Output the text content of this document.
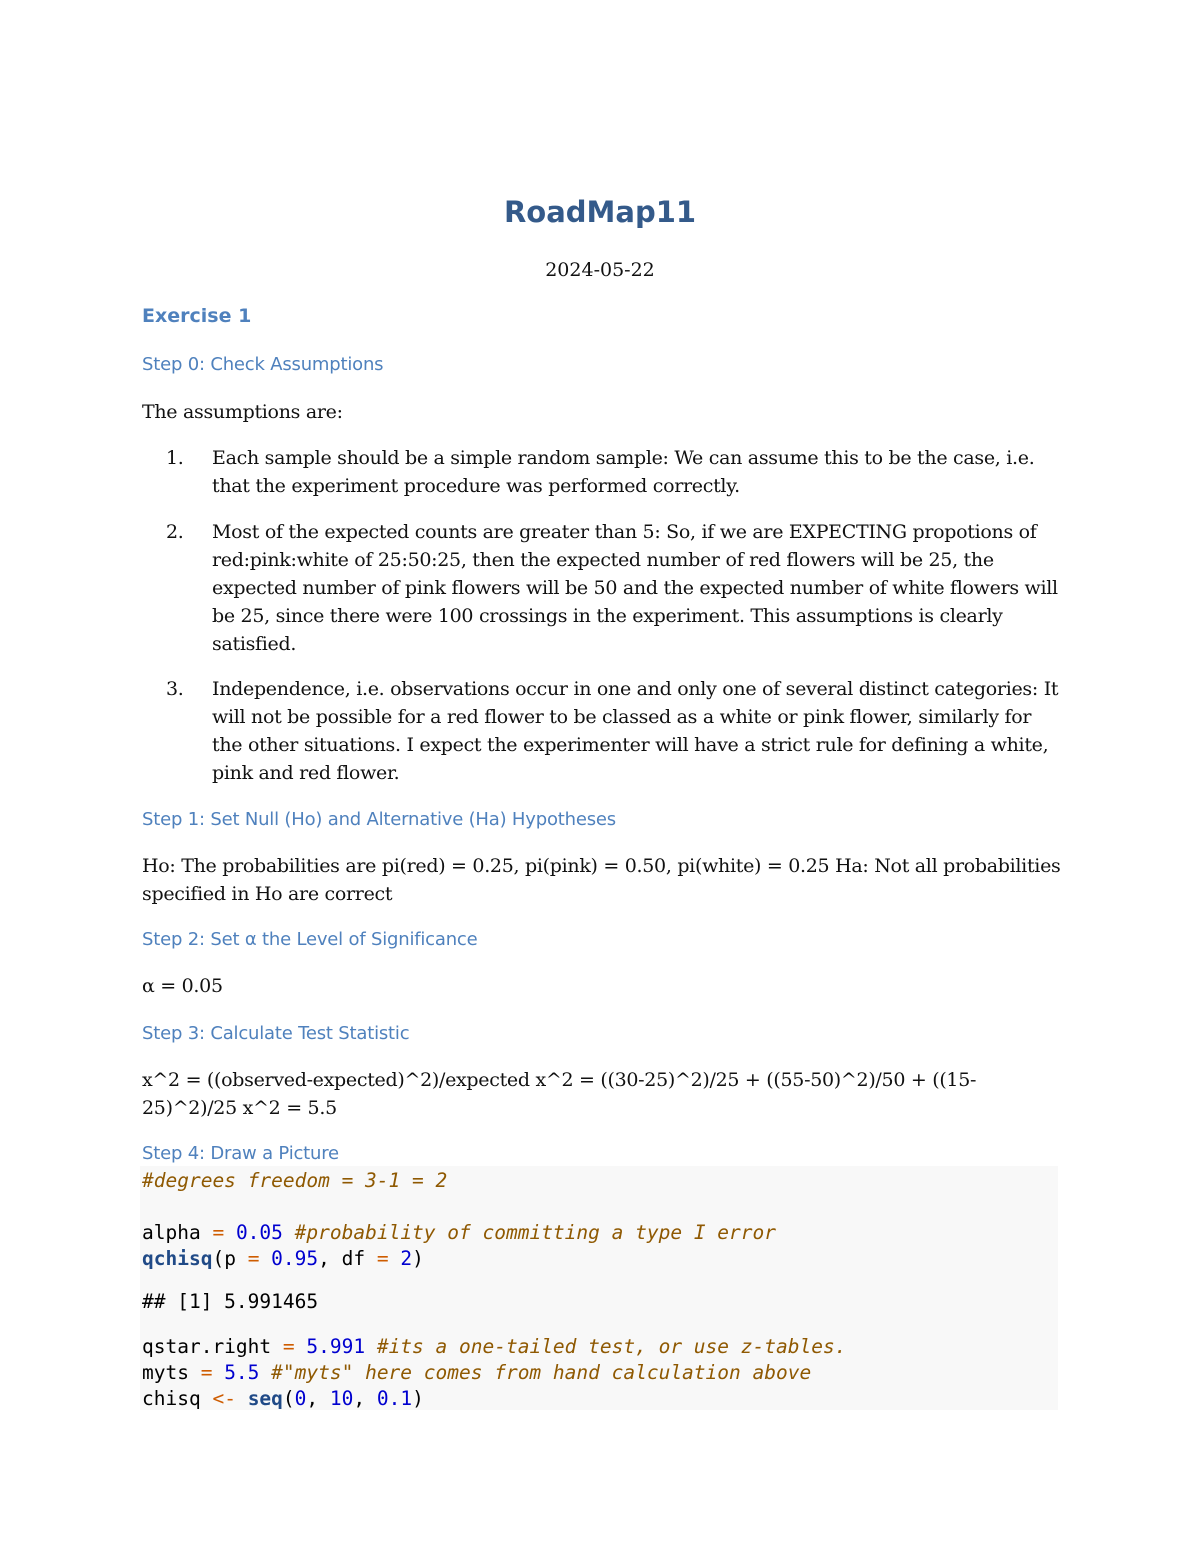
RoadMap11
2024-05-22
Exercise 1
Step 0: Check Assumptions
The assumptions are:
1. Each sample should be a simple random sample: We can assume this to be the case, i.e. that the experiment procedure was performed correctly.
2. Most of the expected counts are greater than 5: So, if we are EXPECTING propotions of red:pink:white of 25:50:25, then the expected number of red flowers will be 25, the expected number of pink flowers will be 50 and the expected number of white flowers will be 25, since there were 100 crossings in the experiment. This assumptions is clearly satisfied.
3. Independence, i.e. observations occur in one and only one of several distinct categories: It will not be possible for a red flower to be classed as a white or pink flower, similarly for the other situations. I expect the experimenter will have a strict rule for defining a white, pink and red flower.
Step 1: Set Null (Ho) and Alternative (Ha) Hypotheses
Ho: The probabilities are pi(red) = 0.25, pi(pink) = 0.50, pi(white) = 0.25 Ha: Not all probabilities specified in Ho are correct
Step 2: Set α the Level of Significance
α = 0.05
Step 3: Calculate Test Statistic
x^2 = ((observed-expected)^2)/expected x^2 = ((30-25)^2)/25 + ((55-50)^2)/50 + ((15-25)^2)/25 x^2 = 5.5
Step 4: Draw a Picture
#degrees freedom = 3-1 = 2
alpha = 0.05 #probability of committing a type I error
qchisq(p = 0.95, df = 2)
## [1] 5.991465
qstar.right = 5.991 #its a one-tailed test, or use z-tables.
myts = 5.5 #"myts" here comes from hand calculation above
chisq <- seq(0, 10, 0.1)
